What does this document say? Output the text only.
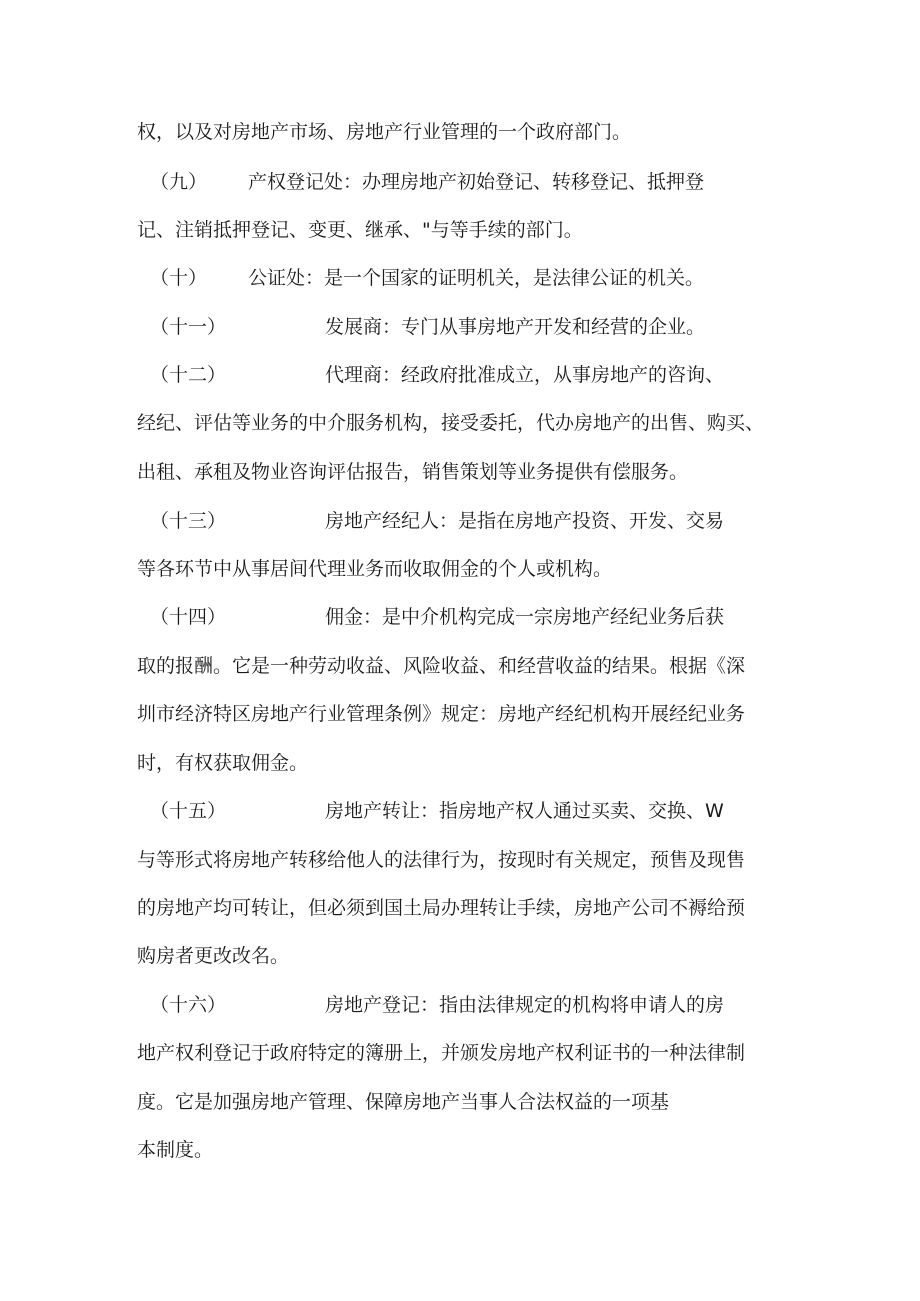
权，以及对房地产市场、房地产行业管理的一个政府部门。
（九） 产权登记处：办理房地产初始登记、转移登记、抵押登
记、注销抵押登记、变更、继承、"与等手续的部门。
（十） 公证处：是一个国家的证明机关，是法律公证的机关。
（十一）	发展商：专门从事房地产开发和经营的企业。
（十二）	代理商：经政府批准成立，从事房地产的咨询、
经纪、评估等业务的中介服务机构，接受委托，代办房地产的出售、购买、
出租、承租及物业咨询评估报告，销售策划等业务提供有偿服务。
（十三）	房地产经纪人：是指在房地产投资、开发、交易
等各环节中从事居间代理业务而收取佣金的个人或机构。
（十四）	佣金：是中介机构完成一宗房地产经纪业务后获
取的报酬。它是一种劳动收益、风险收益、和经营收益的结果。根据《深
圳市经济特区房地产行业管理条例》规定：房地产经纪机构开展经纪业务
时，有权获取佣金。
（十五）	房地产转让：指房地产权人通过买卖、交换、W
与等形式将房地产转移给他人的法律行为，按现时有关规定，预售及现售
的房地产均可转让，但必须到国土局办理转让手续，房地产公司不褥给预
购房者更改改名。
（十六）	房地产登记：指由法律规定的机构将申请人的房
地产权利登记于政府特定的簿册上，并颁发房地产权利证书的一种法律制
度。它是加强房地产管理、保障房地产当事人合法权益的一项基
本制度。
